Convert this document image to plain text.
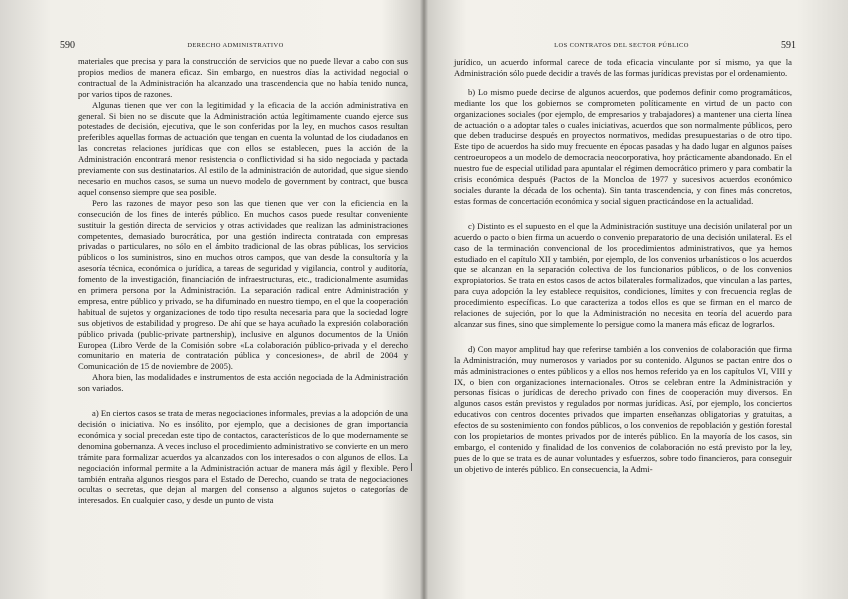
590	DERECHO ADMINISTRATIVO

materiales que precisa y para la construcción de servicios que no puede llevar a cabo con sus propios medios de manera eficaz. Sin embargo, en nuestros días la actividad negocial o contractual de la Administración ha alcanzado una trascendencia que no había tenido nunca, por varios tipos de razones.

Algunas tienen que ver con la legitimidad y la eficacia de la acción administrativa en general. Si bien no se discute que la Administración actúa legítimamente cuando ejerce sus potestades de decisión, ejecutiva, que le son conferidas por la ley, en muchos casos resultan preferibles aquellas formas de actuación que tengan en cuenta la voluntad de los ciudadanos en las concretas relaciones jurídicas que con ellos se establecen, pues la acción de la Administración encontrará menor resistencia o conflictividad si ha sido negociada y pactada previamente con sus destinatarios. Al estilo de la administración de autoridad, que sigue siendo necesario en muchos casos, se suma un nuevo modelo de government by contract, que busca aquel consenso siempre que sea posible.

Pero las razones de mayor peso son las que tienen que ver con la eficiencia en la consecución de los fines de interés público. En muchos casos puede resultar conveniente sustituir la gestión directa de servicios y otras actividades que realizan las administraciones competentes, demasiado burocrática, por una gestión indirecta contratada con empresas privadas o particulares, no sólo en el ámbito tradicional de las obras públicas, los servicios públicos o los suministros, sino en muchos otros campos, que van desde la consultoría y la asesoría técnica, económica o jurídica, a tareas de seguridad y vigilancia, control y auditoría, fomento de la investigación, financiación de infraestructuras, etc., tradicionalmente asumidas en primera persona por la Administración. La separación radical entre Administración y empresa, entre público y privado, se ha difuminado en nuestro tiempo, en el que la cooperación habitual de sujetos y organizaciones de todo tipo resulta necesaria para que la sociedad logre sus objetivos de estabilidad y progreso. De ahí que se haya acuñado la expresión colaboración público privada (public-private partnership), inclusive en algunos documentos de la Unión Europea (Libro Verde de la Comisión sobre «La colaboración público-privada y el derecho comunitario en materia de contratación pública y concesiones», de abril de 2004 y Comunicación de 15 de noviembre de 2005).

Ahora bien, las modalidades e instrumentos de esta acción negociada de la Administración son variados.

a) En ciertos casos se trata de meras negociaciones informales, previas a la adopción de una decisión o iniciativa. No es insólito, por ejemplo, que a decisiones de gran importancia económica y social precedan este tipo de contactos, característicos de lo que modernamente se denomina gobernanza. A veces incluso el procedimiento administrativo se convierte en un mero trámite para formalizar acuerdos ya alcanzados con los interesados o con algunos de ellos. La negociación informal permite a la Administración actuar de manera más ágil y flexible. Pero también entraña algunos riesgos para el Estado de Derecho, cuando se trata de negociaciones ocultas o secretas, que dejan al margen del consenso a algunos sujetos o categorías de interesados. En cualquier caso, y desde un punto de vista

LOS CONTRATOS DEL SECTOR PÚBLICO	591

jurídico, un acuerdo informal carece de toda eficacia vinculante por sí mismo, ya que la Administración sólo puede decidir a través de las formas jurídicas previstas por el ordenamiento.

b) Lo mismo puede decirse de algunos acuerdos, que podemos definir como programáticos, mediante los que los gobiernos se comprometen políticamente en virtud de un pacto con organizaciones sociales (por ejemplo, de empresarios y trabajadores) a mantener una cierta línea de actuación o a adoptar tales o cuales iniciativas, acuerdos que son normalmente públicos, pero que deben traducirse después en proyectos normativos, medidas presupuestarias o de otro tipo. Este tipo de acuerdos ha sido muy frecuente en épocas pasadas y ha dado lugar en algunos países centroeuropeos a un modelo de democracia neocorporativa, hoy prácticamente abandonado. En el nuestro fue de especial utilidad para apuntalar el régimen democrático primero y para combatir la crisis económica después (Pactos de la Moncloa de 1977 y sucesivos acuerdos económico sociales durante la década de los ochenta). Sin tanta trascendencia, y con fines más concretos, estas formas de concertación económica y social siguen practicándose en la actualidad.

c) Distinto es el supuesto en el que la Administración sustituye una decisión unilateral por un acuerdo o pacto o bien firma un acuerdo o convenio preparatorio de una decisión unilateral. Es el caso de la terminación convencional de los procedimientos administrativos, que ya hemos estudiado en el capítulo XII y también, por ejemplo, de los convenios urbanísticos o los acuerdos que se alcanzan en la separación colectiva de los funcionarios públicos, o de los convenios expropiatorios. Se trata en estos casos de actos bilaterales formalizados, que vinculan a las partes, para cuya adopción la ley establece requisitos, condiciones, límites y con frecuencia reglas de procedimiento específicas. Lo que caracteriza a todos ellos es que se firman en el marco de relaciones de sujeción, por lo que la Administración no necesita en teoría del acuerdo para alcanzar sus fines, sino que simplemente lo persigue como la manera más eficaz de lograrlos.

d) Con mayor amplitud hay que referirse también a los convenios de colaboración que firma la Administración, muy numerosos y variados por su contenido. Algunos se pactan entre dos o más administraciones o entes públicos y a ellos nos hemos referido ya en los capítulos VI, VIII y IX, o bien con organizaciones internacionales. Otros se celebran entre la Administración y personas físicas o jurídicas de derecho privado con fines de cooperación muy diversos. En algunos casos están previstos y regulados por normas jurídicas. Así, por ejemplo, los conciertos educativos con centros docentes privados que imparten enseñanzas obligatorias y gratuitas, a efectos de su sostenimiento con fondos públicos, o los convenios de repoblación y gestión forestal con los propietarios de montes privados por de interés público. En la mayoría de los casos, sin embargo, el contenido y finalidad de los convenios de colaboración no está previsto por la ley, pues de lo que se trata es de aunar voluntades y esfuerzos, sobre todo financieros, para conseguir un objetivo de interés público. En consecuencia, la Admi-
